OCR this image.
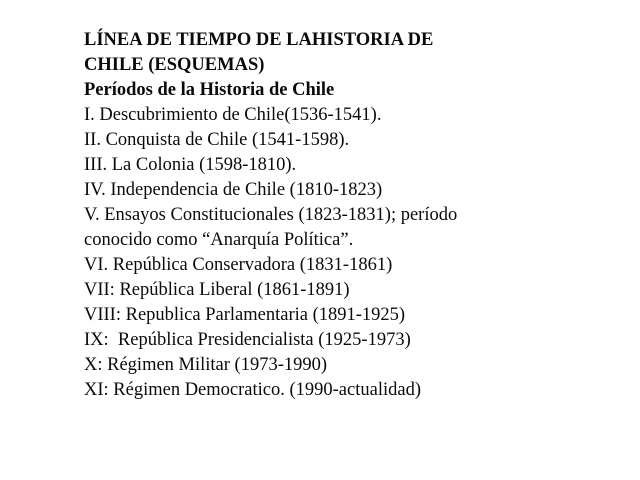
LÍNEA DE TIEMPO DE LAHISTORIA DE

CHILE (ESQUEMAS)

Períodos de la Historia de Chile

I. Descubrimiento de Chile(1536-1541).
II. Conquista de Chile (1541-1598).
III. La Colonia (1598-1810).
IV. Independencia de Chile (1810-1823)
V. Ensayos Constitucionales (1823-1831); período
conocido como “Anarquía Política”.
VI. República Conservadora (1831-1861)
VII: República Liberal (1861-1891)
VIII: Republica Parlamentaria (1891-1925)
IX:  República Presidencialista (1925-1973)
X: Régimen Militar (1973-1990)
XI: Régimen Democratico. (1990-actualidad)
